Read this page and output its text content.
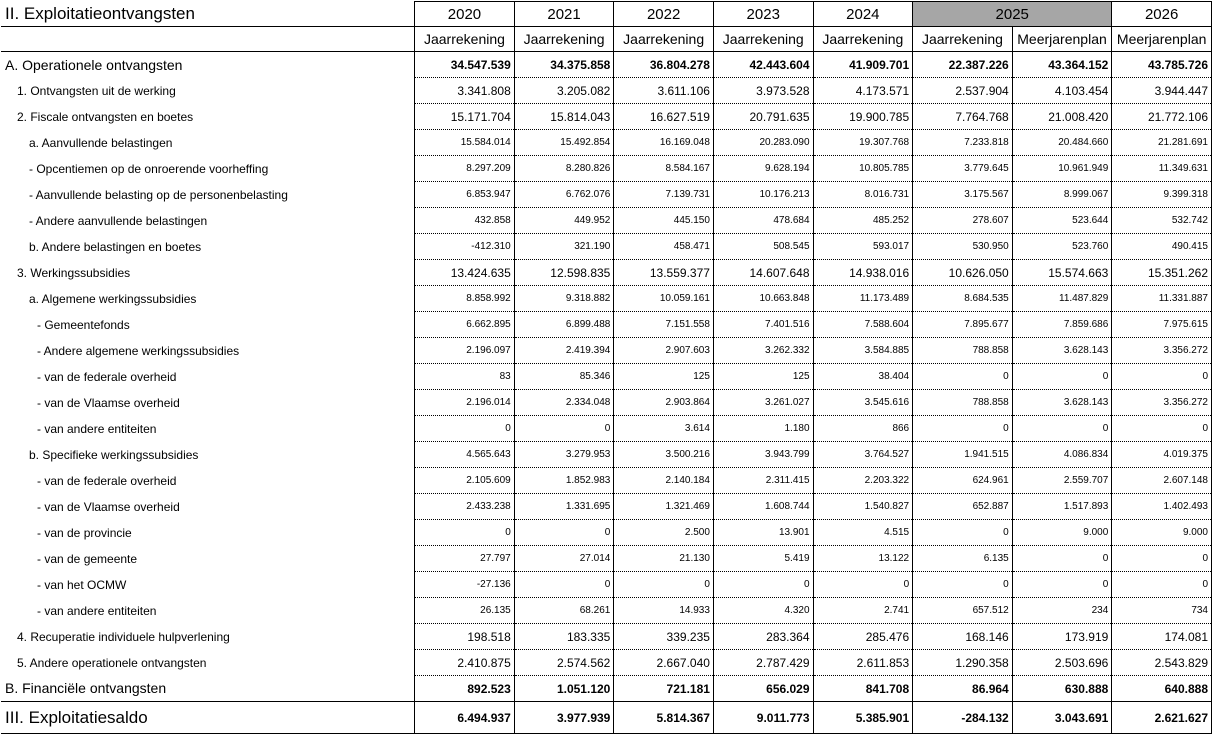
II. Exploitatieontvangsten	2020	2021	2022	2023	2024	2025		2026
	Jaarrekening	Jaarrekening	Jaarrekening	Jaarrekening	Jaarrekening	Jaarrekening	Meerjarenplan	Meerjarenplan
A. Operationele ontvangsten	34.547.539	34.375.858	36.804.278	42.443.604	41.909.701	22.387.226	43.364.152	43.785.726
1. Ontvangsten uit de werking	3.341.808	3.205.082	3.611.106	3.973.528	4.173.571	2.537.904	4.103.454	3.944.447
2. Fiscale ontvangsten en boetes	15.171.704	15.814.043	16.627.519	20.791.635	19.900.785	7.764.768	21.008.420	21.772.106
a. Aanvullende belastingen	15.584.014	15.492.854	16.169.048	20.283.090	19.307.768	7.233.818	20.484.660	21.281.691
- Opcentiemen op de onroerende voorheffing	8.297.209	8.280.826	8.584.167	9.628.194	10.805.785	3.779.645	10.961.949	11.349.631
- Aanvullende belasting op de personenbelasting	6.853.947	6.762.076	7.139.731	10.176.213	8.016.731	3.175.567	8.999.067	9.399.318
- Andere aanvullende belastingen	432.858	449.952	445.150	478.684	485.252	278.607	523.644	532.742
b. Andere belastingen en boetes	-412.310	321.190	458.471	508.545	593.017	530.950	523.760	490.415
3. Werkingssubsidies	13.424.635	12.598.835	13.559.377	14.607.648	14.938.016	10.626.050	15.574.663	15.351.262
a. Algemene werkingssubsidies	8.858.992	9.318.882	10.059.161	10.663.848	11.173.489	8.684.535	11.487.829	11.331.887
- Gemeentefonds	6.662.895	6.899.488	7.151.558	7.401.516	7.588.604	7.895.677	7.859.686	7.975.615
- Andere algemene werkingssubsidies	2.196.097	2.419.394	2.907.603	3.262.332	3.584.885	788.858	3.628.143	3.356.272
- van de federale overheid	83	85.346	125	125	38.404	0	0	0
- van de Vlaamse overheid	2.196.014	2.334.048	2.903.864	3.261.027	3.545.616	788.858	3.628.143	3.356.272
- van andere entiteiten	0	0	3.614	1.180	866	0	0	0
b. Specifieke werkingssubsidies	4.565.643	3.279.953	3.500.216	3.943.799	3.764.527	1.941.515	4.086.834	4.019.375
- van de federale overheid	2.105.609	1.852.983	2.140.184	2.311.415	2.203.322	624.961	2.559.707	2.607.148
- van de Vlaamse overheid	2.433.238	1.331.695	1.321.469	1.608.744	1.540.827	652.887	1.517.893	1.402.493
- van de provincie	0	0	2.500	13.901	4.515	0	9.000	9.000
- van de gemeente	27.797	27.014	21.130	5.419	13.122	6.135	0	0
- van het OCMW	-27.136	0	0	0	0	0	0	0
- van andere entiteiten	26.135	68.261	14.933	4.320	2.741	657.512	234	734
4. Recuperatie individuele hulpverlening	198.518	183.335	339.235	283.364	285.476	168.146	173.919	174.081
5. Andere operationele ontvangsten	2.410.875	2.574.562	2.667.040	2.787.429	2.611.853	1.290.358	2.503.696	2.543.829
B. Financiële ontvangsten	892.523	1.051.120	721.181	656.029	841.708	86.964	630.888	640.888
III. Exploitatiesaldo	6.494.937	3.977.939	5.814.367	9.011.773	5.385.901	-284.132	3.043.691	2.621.627
